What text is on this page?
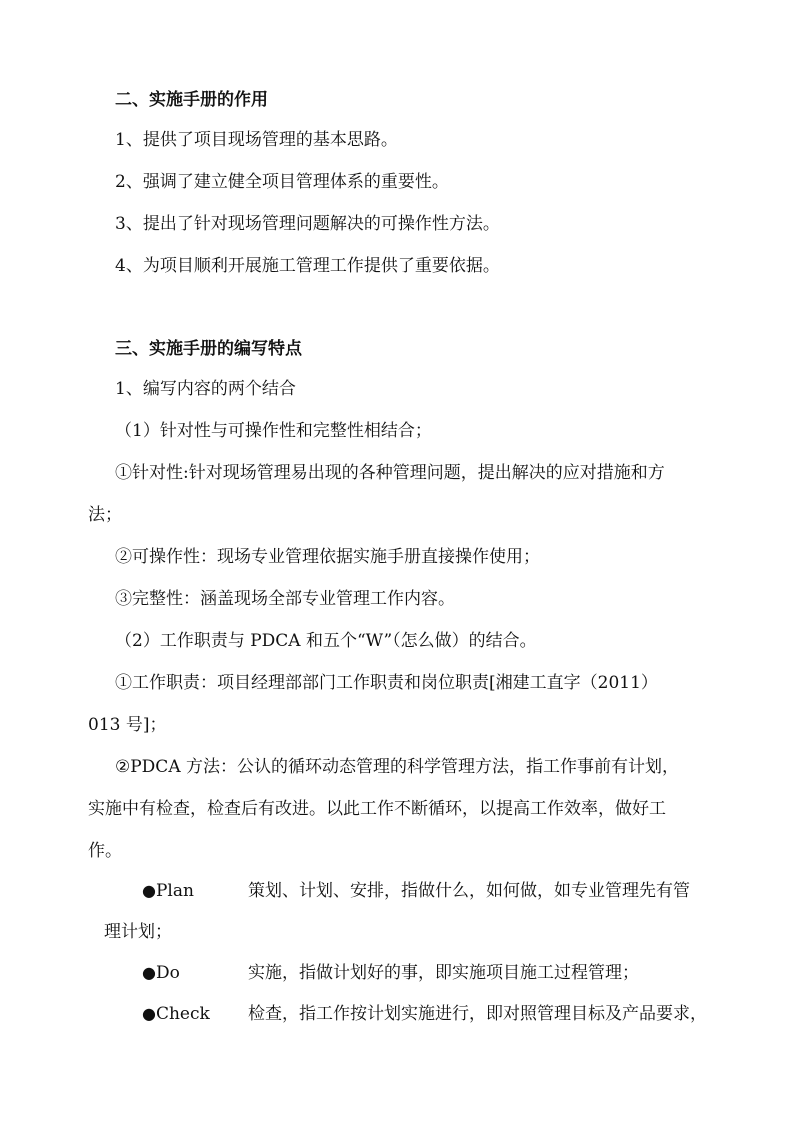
二、实施手册的作用
1、提供了项目现场管理的基本思路。
2、强调了建立健全项目管理体系的重要性。
3、提出了针对现场管理问题解决的可操作性方法。
4、为项目顺利开展施工管理工作提供了重要依据。
三、实施手册的编写特点
1、编写内容的两个结合
（1）针对性与可操作性和完整性相结合；
①针对性:针对现场管理易出现的各种管理问题，提出解决的应对措施和方
法；
②可操作性：现场专业管理依据实施手册直接操作使用；
③完整性：涵盖现场全部专业管理工作内容。
（2）工作职责与 PDCA 和五个“W”（怎么做）的结合。
①工作职责：项目经理部部门工作职责和岗位职责[湘建工直字（2011）
013 号]；
②PDCA 方法：公认的循环动态管理的科学管理方法，指工作事前有计划，
实施中有检查，检查后有改进。以此工作不断循环，以提高工作效率，做好工
作。
●Plan	策划、计划、安排，指做什么，如何做，如专业管理先有管
理计划；
●Do	实施，指做计划好的事，即实施项目施工过程管理；
●Check 检查，指工作按计划实施进行，即对照管理目标及产品要求，
